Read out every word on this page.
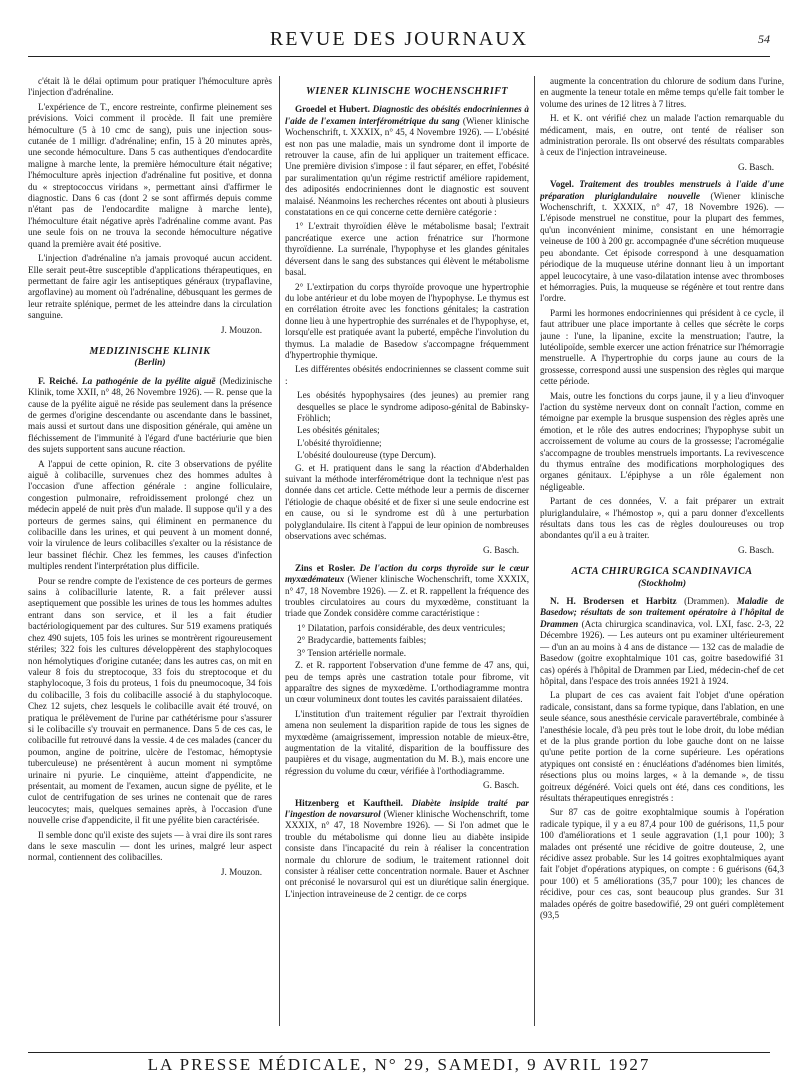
REVUE DES JOURNAUX	54

c'était là le délai optimum pour pratiquer l'hémoculture après l'injection d'adrénaline.

L'expérience de T., encore restreinte, confirme pleinement ses prévisions. Voici comment il procède. Il fait une première hémoculture (5 à 10 cmc de sang), puis une injection sous-cutanée de 1 milligr. d'adrénaline; enfin, 15 à 20 minutes après, une seconde hémoculture. Dans 5 cas authentiques d'endocardite maligne à marche lente, la première hémoculture était négative; l'hémoculture après injection d'adrénaline fut positive, et donna du « streptococcus viridans », permettant ainsi d'affirmer le diagnostic. Dans 6 cas (dont 2 se sont affirmés depuis comme n'étant pas de l'endocardite maligne à marche lente), l'hémoculture était négative après l'adrénaline comme avant. Pas une seule fois on ne trouva la seconde hémoculture négative quand la première avait été positive.

L'injection d'adrénaline n'a jamais provoqué aucun accident. Elle serait peut-être susceptible d'applications thérapeutiques, en permettant de faire agir les antiseptiques généraux (trypaflavine, argoflavine) au moment où l'adrénaline, débusquant les germes de leur retraite splénique, permet de les atteindre dans la circulation sanguine.

J. Mouzon.

MEDIZINISCHE KLINIK
(Berlin)

F. Reiché. La pathogénie de la pyélite aiguë (Medizinische Klinik, tome XXII, n° 48, 26 Novembre 1926). — R. pense que la cause de la pyélite aiguë ne réside pas seulement dans la présence de germes d'origine descendante ou ascendante dans le bassinet, mais aussi et surtout dans une disposition générale, qui amène un fléchissement de l'immunité à l'égard d'une bactériurie que bien des sujets supportent sans aucune réaction.

A l'appui de cette opinion, R. cite 3 observations de pyélite aiguë à colibacille, survenues chez des hommes adultes à l'occasion d'une affection générale : angine folliculaire, congestion pulmonaire, refroidissement prolongé chez un médecin appelé de nuit près d'un malade. Il suppose qu'il y a des porteurs de germes sains, qui éliminent en permanence du colibacille dans les urines, et qui peuvent à un moment donné, voir la virulence de leurs colibacilles s'exalter ou la résistance de leur bassinet fléchir. Chez les femmes, les causes d'infection multiples rendent l'interprétation plus difficile.

Pour se rendre compte de l'existence de ces porteurs de germes sains à colibacillurie latente, R. a fait prélever aussi aseptiquement que possible les urines de tous les hommes adultes entrant dans son service, et il les a fait étudier bactériologiquement par des cultures. Sur 519 examens pratiqués chez 490 sujets, 105 fois les urines se montrèrent rigoureusement stériles; 322 fois les cultures développèrent des staphylocoques non hémolytiques d'origine cutanée; dans les autres cas, on mit en valeur 8 fois du streptocoque, 33 fois du streptocoque et du staphylocoque, 3 fois du proteus, 1 fois du pneumocoque, 34 fois du colibacille, 3 fois du colibacille associé à du staphylocoque. Chez 12 sujets, chez lesquels le colibacille avait été trouvé, on pratiqua le prélèvement de l'urine par cathétérisme pour s'assurer si le colibacille s'y trouvait en permanence. Dans 5 de ces cas, le colibacille fut retrouvé dans la vessie. 4 de ces malades (cancer du poumon, angine de poitrine, ulcère de l'estomac, hémoptysie tuberculeuse) ne présentèrent à aucun moment ni symptôme urinaire ni pyurie. Le cinquième, atteint d'appendicite, ne présentait, au moment de l'examen, aucun signe de pyélite, et le culot de centrifugation de ses urines ne contenait que de rares leucocytes; mais, quelques semaines après, à l'occasion d'une nouvelle crise d'appendicite, il fit une pyélite bien caractérisée.

Il semble donc qu'il existe des sujets — à vrai dire ils sont rares dans le sexe masculin — dont les urines, malgré leur aspect normal, contiennent des colibacilles.

J. Mouzon.

WIENER KLINISCHE WOCHENSCHRIFT

Groedel et Hubert. Diagnostic des obésités endocriniennes à l'aide de l'examen interférométrique du sang (Wiener klinische Wochenschrift, t. XXXIX, n° 45, 4 Novembre 1926). — L'obésité est non pas une maladie, mais un syndrome dont il importe de retrouver la cause, afin de lui appliquer un traitement efficace. Une première division s'impose : il faut séparer, en effet, l'obésité par suralimentation qu'un régime restrictif améliore rapidement, des adiposités endocriniennes dont le diagnostic est souvent malaisé. Néanmoins les recherches récentes ont abouti à plusieurs constatations en ce qui concerne cette dernière catégorie :

1° L'extrait thyroïdien élève le métabolisme basal; l'extrait pancréatique exerce une action frénatrice sur l'hormone thyroïdienne. La surrénale, l'hypophyse et les glandes génitales déversent dans le sang des substances qui élèvent le métabolisme basal.

2° L'extirpation du corps thyroïde provoque une hypertrophie du lobe antérieur et du lobe moyen de l'hypophyse. Le thymus est en corrélation étroite avec les fonctions génitales; la castration donne lieu à une hypertrophie des surrénales et de l'hypophyse, et, lorsqu'elle est pratiquée avant la puberté, empêche l'involution du thymus. La maladie de Basedow s'accompagne fréquemment d'hypertrophie thymique.

Les différentes obésités endocriniennes se classent comme suit :

Les obésités hypophysaires (des jeunes) au premier rang desquelles se place le syndrome adiposo-génital de Babinsky-Fröhlich;

Les obésités génitales;

L'obésité thyroïdienne;

L'obésité douloureuse (type Dercum).

G. et H. pratiquent dans le sang la réaction d'Abderhalden suivant la méthode interférométrique dont la technique n'est pas donnée dans cet article. Cette méthode leur a permis de discerner l'étiologie de chaque obésité et de fixer si une seule endocrine est en cause, ou si le syndrome est dû à une perturbation polyglandulaire. Ils citent à l'appui de leur opinion de nombreuses observations avec schémas.

G. Basch.

Zins et Rosler. De l'action du corps thyroïde sur le cœur myxœdémateux (Wiener klinische Wochenschrift, tome XXXIX, n° 47, 18 Novembre 1926). — Z. et R. rappellent la fréquence des troubles circulatoires au cours du myxœdème, constituant la triade que Zondek considère comme caractéristique :

1° Dilatation, parfois considérable, des deux ventricules;

2° Bradycardie, battements faibles;

3° Tension artérielle normale.

Z. et R. rapportent l'observation d'une femme de 47 ans, qui, peu de temps après une castration totale pour fibrome, vit apparaître des signes de myxœdème. L'orthodiagramme montra un cœur volumineux dont toutes les cavités paraissaient dilatées.

L'institution d'un traitement régulier par l'extrait thyroïdien amena non seulement la disparition rapide de tous les signes de myxœdème (amaigrissement, impression notable de mieux-être, augmentation de la vitalité, disparition de la bouffissure des paupières et du visage, augmentation du M. B.), mais encore une régression du volume du cœur, vérifiée à l'orthodiagramme.

G. Basch.

Hitzenberg et Kauftheil. Diabète insipide traité par l'ingestion de novarsurol (Wiener klinische Wochenschrift, tome XXXIX, n° 47, 18 Novembre 1926). — Si l'on admet que le trouble du métabolisme qui donne lieu au diabète insipide consiste dans l'incapacité du rein à réaliser la concentration normale du chlorure de sodium, le traitement rationnel doit consister à réaliser cette concentration normale. Bauer et Aschner ont préconisé le novarsurol qui est un diurétique salin énergique. L'injection intraveineuse de 2 centigr. de ce corps

augmente la concentration du chlorure de sodium dans l'urine, en augmente la teneur totale en même temps qu'elle fait tomber le volume des urines de 12 litres à 7 litres.

H. et K. ont vérifié chez un malade l'action remarquable du médicament, mais, en outre, ont tenté de réaliser son administration perorale. Ils ont observé des résultats comparables à ceux de l'injection intraveineuse.

G. Basch.

Vogel. Traitement des troubles menstruels à l'aide d'une préparation pluriglandulaire nouvelle (Wiener klinische Wochenschrift, t. XXXIX, n° 47, 18 Novembre 1926). — L'épisode menstruel ne constitue, pour la plupart des femmes, qu'un inconvénient minime, consistant en une hémorragie veineuse de 100 à 200 gr. accompagnée d'une sécrétion muqueuse peu abondante. Cet épisode correspond à une desquamation périodique de la muqueuse utérine donnant lieu à un important appel leucocytaire, à une vaso-dilatation intense avec thromboses et hémorragies. Puis, la muqueuse se régénère et tout rentre dans l'ordre.

Parmi les hormones endocriniennes qui président à ce cycle, il faut attribuer une place importante à celles que sécrète le corps jaune : l'une, la lipanine, excite la menstruation; l'autre, la lutéolipoïde, semble exercer une action frénatrice sur l'hémorragie menstruelle. A l'hypertrophie du corps jaune au cours de la grossesse, correspond aussi une suspension des règles qui marque cette période.

Mais, outre les fonctions du corps jaune, il y a lieu d'invoquer l'action du système nerveux dont on connaît l'action, comme en témoigne par exemple la brusque suspension des règles après une émotion, et le rôle des autres endocrines; l'hypophyse subit un accroissement de volume au cours de la grossesse; l'acromégalie s'accompagne de troubles menstruels importants. La revivescence du thymus entraîne des modifications morphologiques des organes génitaux. L'épiphyse a un rôle également non négligeable.

Partant de ces données, V. a fait préparer un extrait pluriglandulaire, « l'hémostop », qui a paru donner d'excellents résultats dans tous les cas de règles douloureuses ou trop abondantes qu'il a eu à traiter.

G. Basch.

ACTA CHIRURGICA SCANDINAVICA
(Stockholm)

N. H. Brodersen et Harbitz (Drammen). Maladie de Basedow; résultats de son traitement opératoire à l'hôpital de Drammen (Acta chirurgica scandinavica, vol. LXI, fasc. 2-3, 22 Décembre 1926). — Les auteurs ont pu examiner ultérieurement — d'un an au moins à 4 ans de distance — 132 cas de maladie de Basedow (goitre exophtalmique 101 cas, goitre basedowifié 31 cas) opérés à l'hôpital de Drammen par Lied, médecin-chef de cet hôpital, dans l'espace des trois années 1921 à 1924.

La plupart de ces cas avaient fait l'objet d'une opération radicale, consistant, dans sa forme typique, dans l'ablation, en une seule séance, sous anesthésie cervicale paravertébrale, combinée à l'anesthésie locale, d'à peu près tout le lobe droit, du lobe médian et de la plus grande portion du lobe gauche dont on ne laisse qu'une petite portion de la corne supérieure. Les opérations atypiques ont consisté en : énucléations d'adénomes bien limités, résections plus ou moins larges, « à la demande », de tissu goitreux dégénéré. Voici quels ont été, dans ces conditions, les résultats thérapeutiques enregistrés :

Sur 87 cas de goitre exophtalmique soumis à l'opération radicale typique, il y a eu 87,4 pour 100 de guérisons, 11,5 pour 100 d'améliorations et 1 seule aggravation (1,1 pour 100); 3 malades ont présenté une récidive de goitre douteuse, 2, une récidive assez probable. Sur les 14 goitres exophtalmiques ayant fait l'objet d'opérations atypiques, on compte : 6 guérisons (64,3 pour 100) et 5 améliorations (35,7 pour 100); les chances de récidive, pour ces cas, sont beaucoup plus grandes. Sur 31 malades opérés de goitre basedowifié, 29 ont guéri complètement (93,5

LA PRESSE MÉDICALE, N° 29, SAMEDI, 9 AVRIL 1927
